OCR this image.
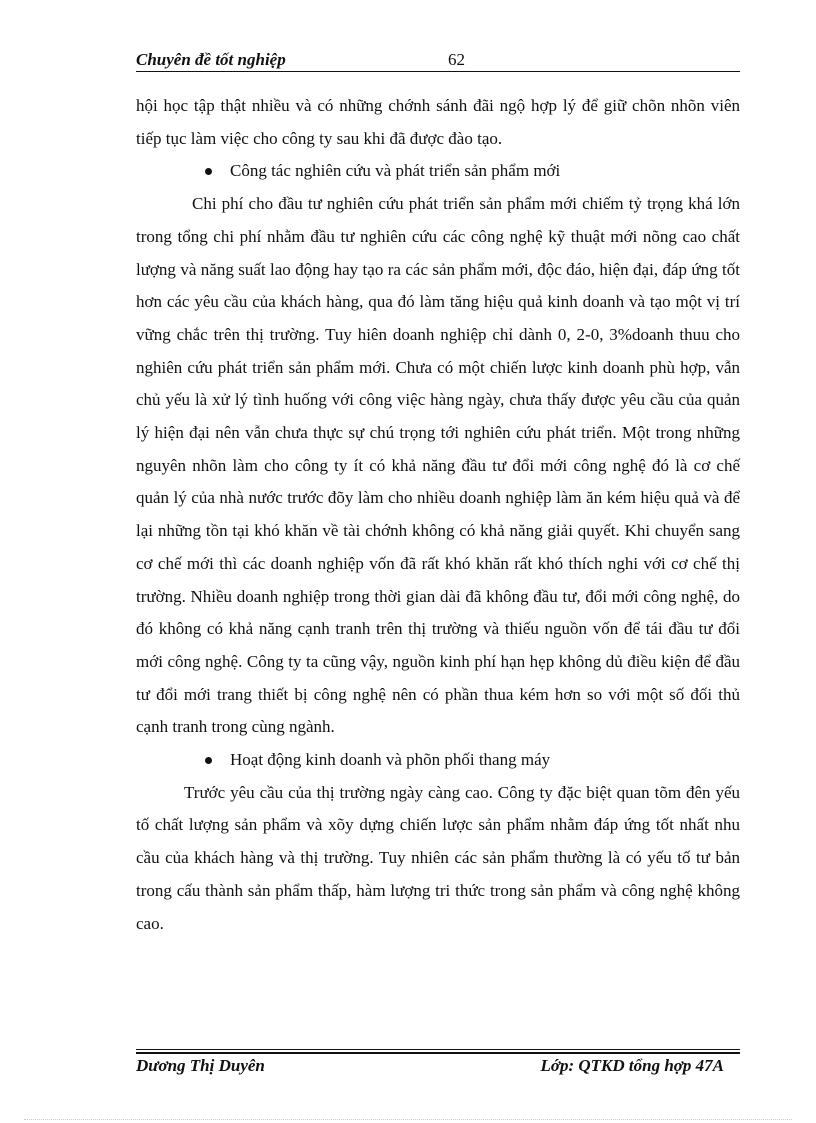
Chuyên đề tốt nghiệp	62

hội học tập thật nhiều và có những chớnh sánh đãi ngộ hợp lý để giữ chõn nhõn viên tiếp tục làm việc cho công ty sau khi đã được đào tạo.

Công tác nghiên cứu và phát triển sản phẩm mới

Chi phí cho đầu tư nghiên cứu phát triển sản phẩm mới chiếm tỷ trọng khá lớn trong tổng chi phí nhằm đầu tư nghiên cứu các công nghệ kỹ thuật mới nõng cao chất lượng và năng suất lao động hay tạo ra các sản phẩm mới, độc đáo, hiện đại, đáp ứng tốt hơn các yêu cầu của khách hàng, qua đó làm tăng hiệu quả kinh doanh và tạo một vị trí vững chắc trên thị trường. Tuy hiên doanh nghiệp chỉ dành 0, 2-0, 3%doanh thuu cho nghiên cứu phát triển sản phẩm mới. Chưa có một chiến lược kinh doanh phù hợp, vẫn chủ yếu là xử lý tình huống với công việc hàng ngày, chưa thấy được yêu cầu của quản lý hiện đại nên vẫn chưa thực sự chú trọng tới nghiên cứu phát triển. Một trong những nguyên nhõn làm cho công ty ít có khả năng đầu tư đổi mới công nghệ đó là cơ chế quản lý của nhà nước trước đõy làm cho nhiều doanh nghiệp làm ăn kém hiệu quả và để lại những tồn tại khó khăn về tài chớnh không có khả năng giải quyết. Khi chuyển sang cơ chế mới thì các doanh nghiệp vốn đã rất khó khăn rất khó thích nghi với cơ chế thị trường. Nhiều doanh nghiệp trong thời gian dài đã không đầu tư, đổi mới công nghệ, do đó không có khả năng cạnh tranh trên thị trường và thiếu nguồn vốn để tái đầu tư đổi mới công nghệ. Công ty ta cũng vậy, nguồn kinh phí hạn hẹp không dủ điều kiện để đầu tư đổi mới trang thiết bị công nghệ nên có phần thua kém hơn so với một số đối thủ cạnh tranh trong cùng ngành.

Hoạt động kinh doanh và phõn phối thang máy

Trước yêu cầu của thị trường ngày càng cao. Công ty đặc biệt quan tõm đên yếu tố chất lượng sản phẩm và xõy dựng chiến lược sản phẩm nhằm đáp ứng tốt nhất nhu cầu của khách hàng và thị trường. Tuy nhiên các sản phẩm thường là có yếu tố tư bản trong cấu thành sản phẩm thấp, hàm lượng tri thức trong sản phẩm và công nghệ không cao.

Dương Thị Duyên	Lớp: QTKD tổng hợp 47A
